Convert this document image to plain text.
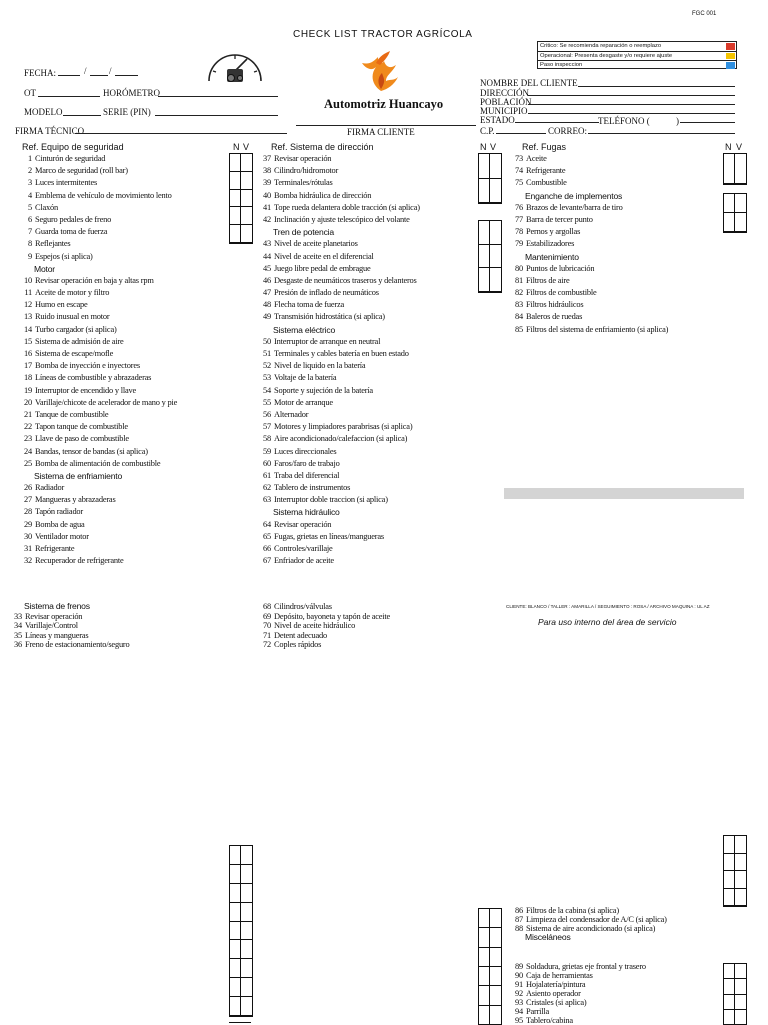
FGC 001
CHECK LIST TRACTOR AGRÍCOLA
Critico: Se recomienda reparación o reemplazo
Operacional: Presenta desgaste y/o requiere ajuste
Paso inspeccion
Automotriz Huancayo
FECHA:	/ /
OT	HORÓMETRO
MODELO	SERIE (PIN)
FIRMA TÉCNICO	FIRMA CLIENTE
NOMBRE DEL CLIENTE
DIRECCIÓN
POBLACIÓN
MUNICIPIO
ESTADO	TELÉFONO (	)
C.P.	CORREO:
Ref. Equipo de seguridad	N V Ref. Sistema de dirección	N V	Ref. Fugas	N V
1 Cinturón de seguridad
2 Marco de seguridad (roll bar)
3 Luces intermitentes
4 Emblema de vehículo de movimiento lento
5 Claxón
6 Seguro pedales de freno
7 Guarda toma de fuerza
8 Reflejantes
9 Espejos (si aplica)
Motor
10 Revisar operación en baja y altas rpm
11 Aceite de motor y filtro
12 Humo en escape
13 Ruido inusual en motor
14 Turbo cargador (si aplica)
15 Sistema de admisión de aire
16 Sistema de escape/mofle
17 Bomba de inyección e inyectores
18 Líneas de combustible y abrazaderas
19 Interruptor de encendido y llave
20 Varillaje/chicote de acelerador de mano y pie
21 Tanque de combustible
22 Tapon tanque de combustible
23 Llave de paso de combustible
24 Bandas, tensor de bandas (si aplica)
25 Bomba de alimentación de combustible
Sistema de enfriamiento
26 Radiador
27 Mangueras y abrazaderas
28 Tapón radiador
29 Bomba de agua
30 Ventilador motor
31 Refrigerante
32 Recuperador de refrigerante
Sistema de frenos
33 Revisar operación
34 Varillaje/Control
35 Líneas y mangueras
36 Freno de estacionamiento/seguro
37 Revisar operación
38 Cilindro/hidromotor
39 Terminales/rótulas
40 Bomba hidráulica de dirección
41 Tope rueda delantera doble tracción (si aplica)
42 Inclinación y ajuste telescópico del volante
Tren de potencia
43 Nivel de aceite planetarios
44 Nivel de aceite en el diferencial
45 Juego libre pedal de embrague
46 Desgaste de neumáticos traseros y delanteros
47 Presión de inflado de neumáticos
48 Flecha toma de fuerza
49 Transmisión hidrostática (si aplica)
Sistema eléctrico
50 Interruptor de arranque en neutral
51 Terminales y cables batería en buen estado
52 Nivel de liquido en la batería
53 Voltaje de la batería
54 Soporte y sujeción de la batería
55 Motor de arranque
56 Alternador
57 Motores y limpiadores parabrisas (si aplica)
58 Aire acondicionado/calefaccion (si aplica)
59 Luces direccionales
60 Faros/faro de trabajo
61 Traba del diferencial
62 Tablero de instrumentos
63 Interruptor doble traccion (si aplica)
Sistema hidráulico
64 Revisar operación
65 Fugas, grietas en líneas/mangueras
66 Controles/varillaje
67 Enfriador de aceite
68 Cilindros/válvulas
69 Depósito, bayoneta y tapón de aceite
70 Nivel de aceite hidráulico
71 Detent adecuado
72 Coples rápidos
73 Aceite
74 Refrigerante
75 Combustible
Enganche de implementos
76 Brazos de levante/barra de tiro
77 Barra de tercer punto
78 Pernos y argollas
79 Estabilizadores
Mantenimiento
80 Puntos de lubricación
81 Filtros de aire
82 Filtros de combustible
83 Filtros hidráulicos
84 Baleros de ruedas
85 Filtros del sistema de enfriamiento (si aplica)
86 Filtros de la cabina (si aplica)
87 Limpieza del condensador de A/C (si aplica)
88 Sistema de aire acondicionado (si aplica)
Misceláneos
89 Soldadura, grietas eje frontal y trasero
90 Caja de herramientas
91 Hojalatería/pintura
92 Asiento operador
93 Cristales (si aplica)
94 Parrilla
95 Tablero/cabina
CLIENTE: BLANCO / TALLER : AMARILLA / SEGUIMIENTO : ROSA / ARCHIVO MAQUINA : UL AZ
Para uso interno del área de servicio
